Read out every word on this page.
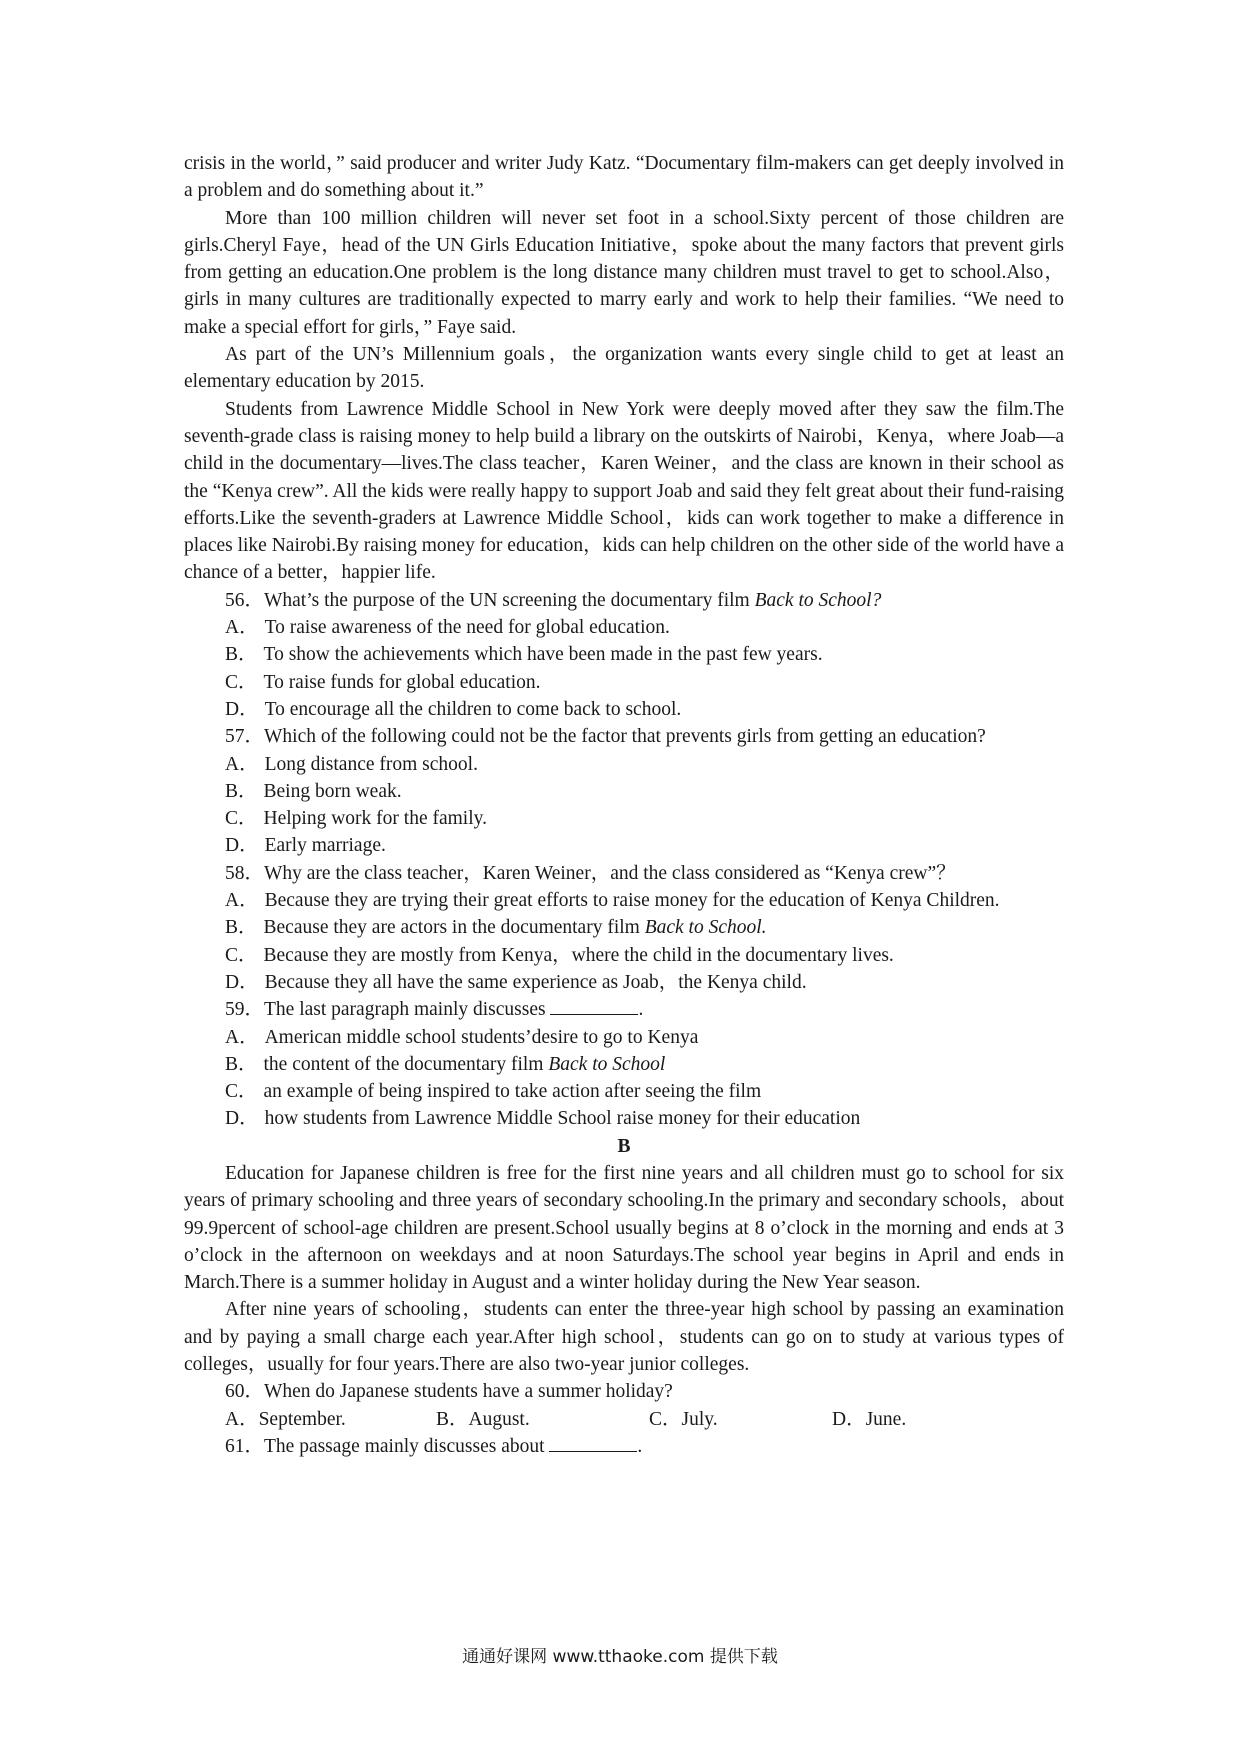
crisis in the world，” said producer and writer Judy Katz. “Documentary film-makers can get deeply involved in a problem and do something about it.”

More than 100 million children will never set foot in a school.Sixty percent of those children are girls.Cheryl Faye，head of the UN Girls Education Initiative，spoke about the many factors that prevent girls from getting an education.One problem is the long distance many children must travel to get to school.Also，girls in many cultures are traditionally expected to marry early and work to help their families. “We need to make a special effort for girls，” Faye said.

As part of the UN’s Millennium goals，the organization wants every single child to get at least an elementary education by 2015.

Students from Lawrence Middle School in New York were deeply moved after they saw the film.The seventh-grade class is raising money to help build a library on the outskirts of Nairobi，Kenya，where Joab—a child in the documentary—lives.The class teacher，Karen Weiner，and the class are known in their school as the “Kenya crew”. All the kids were really happy to support Joab and said they felt great about their fund-raising efforts.Like the seventh-graders at Lawrence Middle School，kids can work together to make a difference in places like Nairobi.By raising money for education，kids can help children on the other side of the world have a chance of a better，happier life.

56．What’s the purpose of the UN screening the documentary film Back to School?

A． To raise awareness of the need for global education.

B． To show the achievements which have been made in the past few years.

C． To raise funds for global education.

D． To encourage all the children to come back to school.

57．Which of the following could not be the factor that prevents girls from getting an education?

A． Long distance from school.

B． Being born weak.

C． Helping work for the family.

D． Early marriage.

58．Why are the class teacher，Karen Weiner，and the class considered as “Kenya crew”？

A． Because they are trying their great efforts to raise money for the education of Kenya Children.

B． Because they are actors in the documentary film Back to School.

C． Because they are mostly from Kenya，where the child in the documentary lives.

D． Because they all have the same experience as Joab，the Kenya child.

59．The last paragraph mainly discusses	.

A． American middle school students’desire to go to Kenya

B． the content of the documentary film Back to School

C． an example of being inspired to take action after seeing the film

D． how students from Lawrence Middle School raise money for their education

B

Education for Japanese children is free for the first nine years and all children must go to school for six years of primary schooling and three years of secondary schooling.In the primary and secondary schools，about 99.9percent of school-age children are present.School usually begins at 8 o’clock in the morning and ends at 3 o’clock in the afternoon on weekdays and at noon Saturdays.The school year begins in April and ends in March.There is a summer holiday in August and a winter holiday during the New Year season.

After nine years of schooling，students can enter the three-year high school by passing an examination and by paying a small charge each year.After high school，students can go on to study at various types of colleges，usually for four years.There are also two-year junior colleges.

60．When do Japanese students have a summer holiday?

A．September.	B．August.	C．July.	D．June.

61．The passage mainly discusses about	.

通通好课网 www.tthaoke.com 提供下载
